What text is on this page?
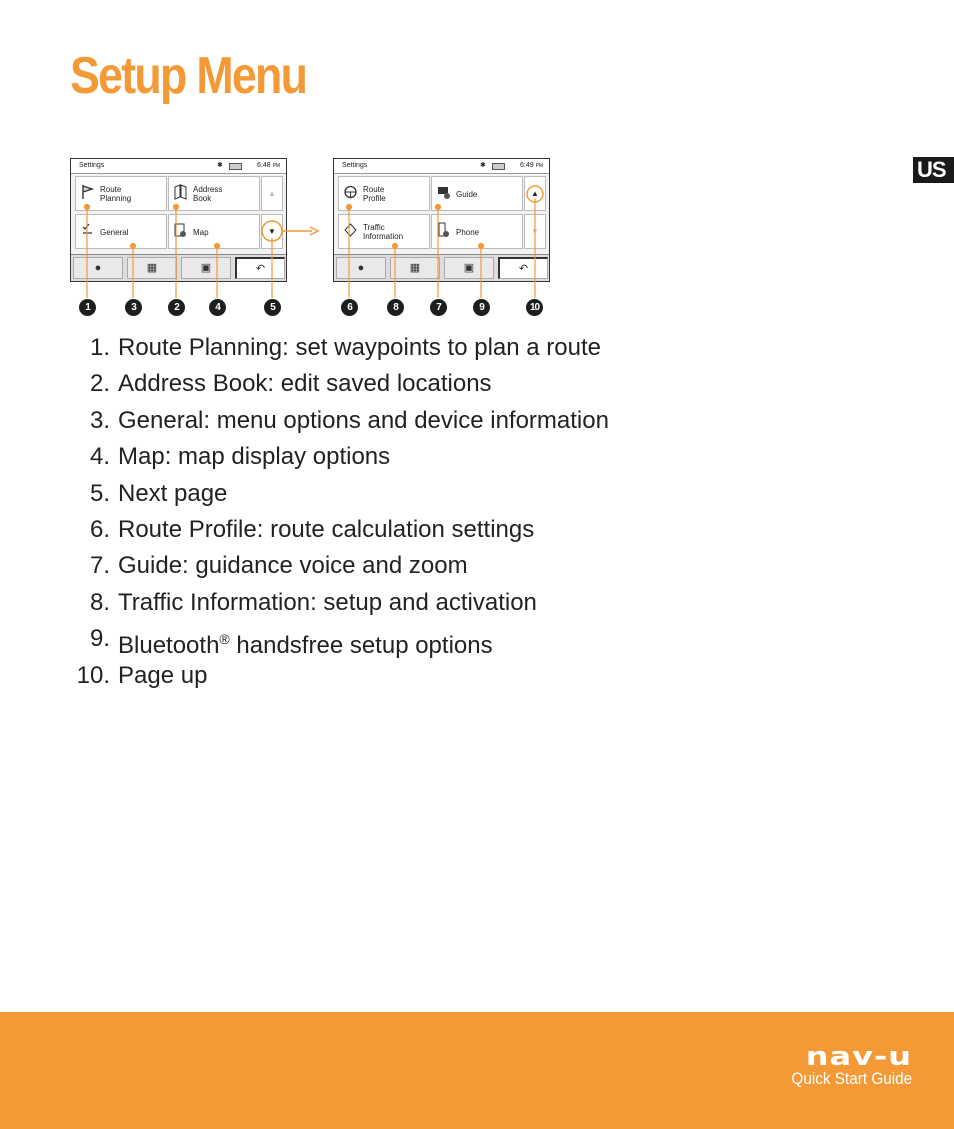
Setup Menu
US
Settings	✱	6:48 PM
Route
Planning
Address
Book
General	Map
▲
▼
●	▦	▣	↶
Settings	✱	6:49 PM
Route
Profile	Guide
Traffic
Information	Phone
▲
▼
●	▦	▣	↶
1	3	2	4	5	6	8	7	9	10
1. Route Planning: set waypoints to plan a route
2. Address Book: edit saved locations
3. General: menu options and device information
4. Map: map display options
5. Next page
6. Route Profile: route calculation settings
7. Guide: guidance voice and zoom
8. Traffic Information: setup and activation
9. Bluetooth® handsfree setup options
10. Page up
nav-u
Quick Start Guide
